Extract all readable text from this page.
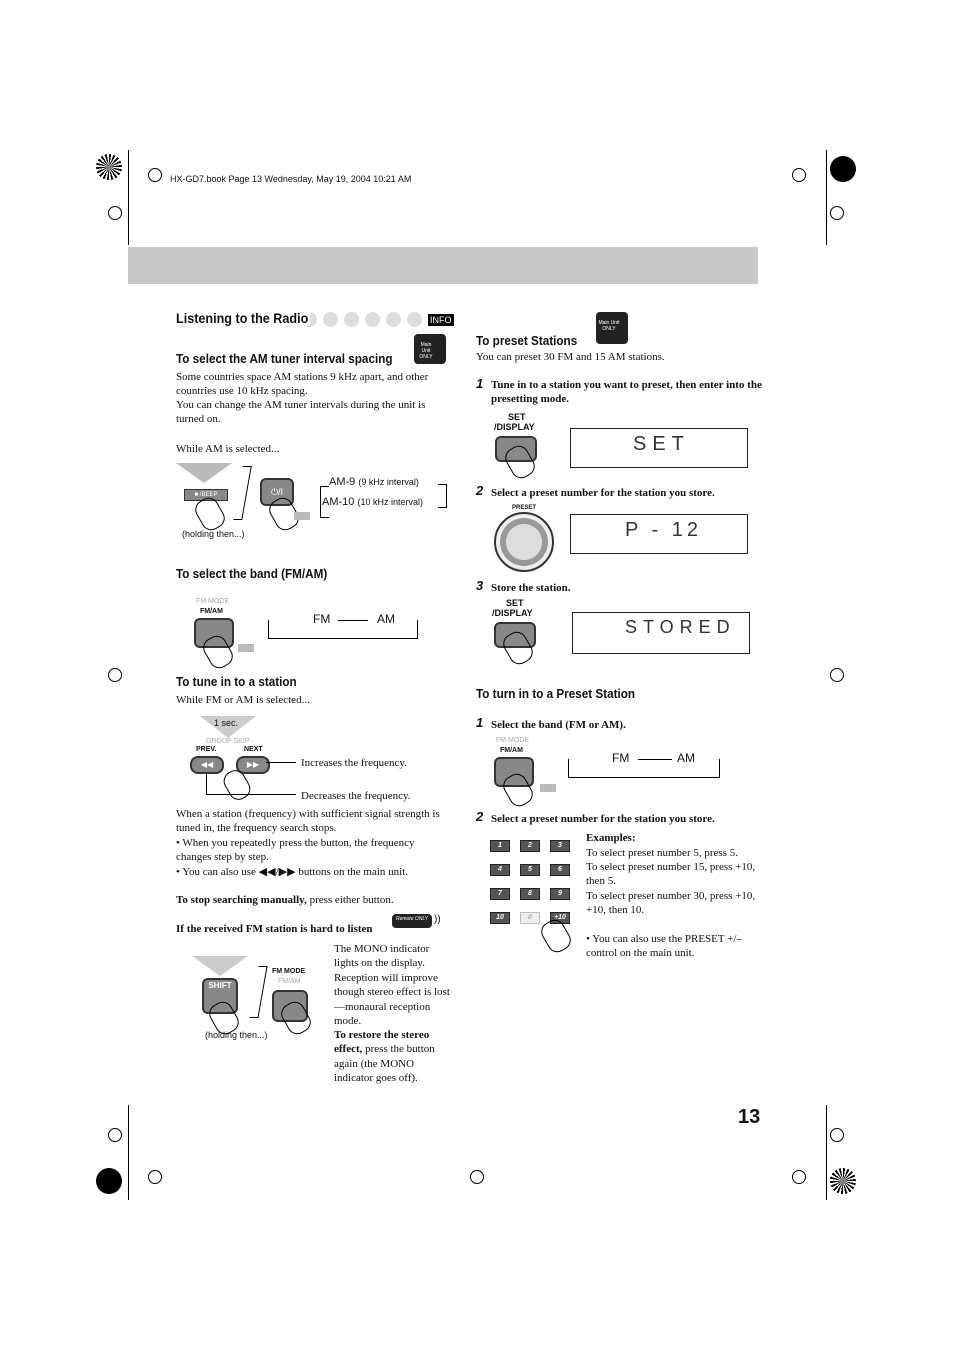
HX-GD7.book Page 13 Wednesday, May 19, 2004 10:21 AM
Listening to the Radio	INFO
To select the AM tuner interval spacing
Main Unit ONLY
Some countries space AM stations 9 kHz apart, and other countries use 10 kHz spacing.
You can change the AM tuner intervals during the unit is turned on.
While AM is selected...
■ /BEEP	⏻/I
AM-9 (9 kHz interval)
AM-10 (10 kHz interval)
(holding then...)
To select the band (FM/AM)
FM MODE
FM/AM
FM	AM
To tune in to a station
While FM or AM is selected...
1 sec.
GROUP SKIP
PREV.	NEXT
◀◀	▶▶	Increases the frequency.
Decreases the frequency.
When a station (frequency) with sufficient signal strength is tuned in, the frequency search stops.
• When you repeatedly press the button, the frequency changes step by step.
• You can also use ◀◀/▶▶ buttons on the main unit.
To stop searching manually, press either button.
If the received FM station is hard to listen
Remote ONLY ))
SHIFT
FM MODE
FM/AM
(holding then...)
The MONO indicator lights on the display. Reception will improve though stereo effect is lost—monaural reception mode.
To restore the stereo effect, press the button again (the MONO indicator goes off).
To preset Stations
Main Unit ONLY
You can preset 30 FM and 15 AM stations.
1 Tune in to a station you want to preset, then enter into the presetting mode.
SET
/DISPLAY
SET
2 Select a preset number for the station you store.
PRESET
P - 12
3 Store the station.
SET
/DISPLAY
STORED
To turn in to a Preset Station
1 Select the band (FM or AM).
FM MODE
FM/AM
FM	AM
2 Select a preset number for the station you store.
1	2	3
4	5	6
7	8	9
10	0	+10
Examples:
To select preset number 5, press 5.
To select preset number 15, press +10, then 5.
To select preset number 30, press +10, +10, then 10.
• You can also use the PRESET +/– control on the main unit.
13
